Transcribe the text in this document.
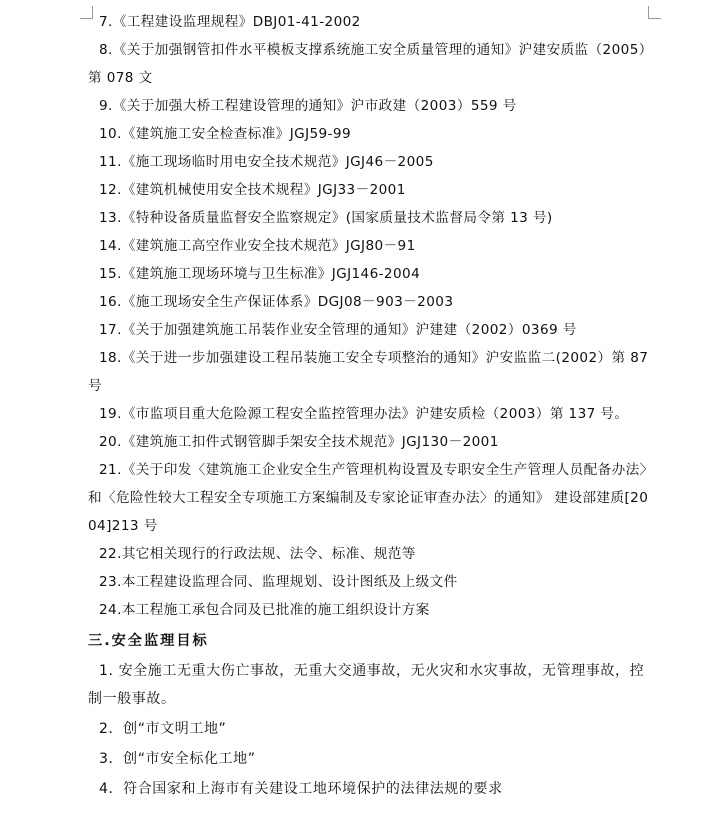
7.《工程建设监理规程》DBJ01-41-2002

8.《关于加强钢管扣件水平模板支撑系统施工安全质量管理的通知》沪建安质监（2005）第 078 文

9.《关于加强大桥工程建设管理的通知》沪市政建（2003）559 号

10.《建筑施工安全检查标准》JGJ59-99

11.《施工现场临时用电安全技术规范》JGJ46－2005

12.《建筑机械使用安全技术规程》JGJ33－2001

13.《特种设备质量监督安全监察规定》(国家质量技术监督局令第 13 号)

14.《建筑施工高空作业安全技术规范》JGJ80－91

15.《建筑施工现场环境与卫生标准》JGJ146-2004

16.《施工现场安全生产保证体系》DGJ08－903－2003

17.《关于加强建筑施工吊装作业安全管理的通知》沪建建（2002）0369 号

18.《关于进一步加强建设工程吊装施工安全专项整治的通知》沪安监监二(2002）第 87 号

19.《市监项目重大危险源工程安全监控管理办法》沪建安质检（2003）第 137 号。

20.《建筑施工扣件式钢管脚手架安全技术规范》JGJ130－2001

21.《关于印发〈建筑施工企业安全生产管理机构设置及专职安全生产管理人员配备办法〉和〈危险性较大工程安全专项施工方案编制及专家论证审查办法〉的通知》 建设部建质[2004]213 号

22.其它相关现行的行政法规、法令、标准、规范等

23.本工程建设监理合同、监理规划、设计图纸及上级文件

24.本工程施工承包合同及已批准的施工组织设计方案

三.安全监理目标

1. 安全施工无重大伤亡事故，无重大交通事故，无火灾和水灾事故，无管理事故，控制一般事故。

2．创“市文明工地”

3．创“市安全标化工地”

4．符合国家和上海市有关建设工地环境保护的法律法规的要求
